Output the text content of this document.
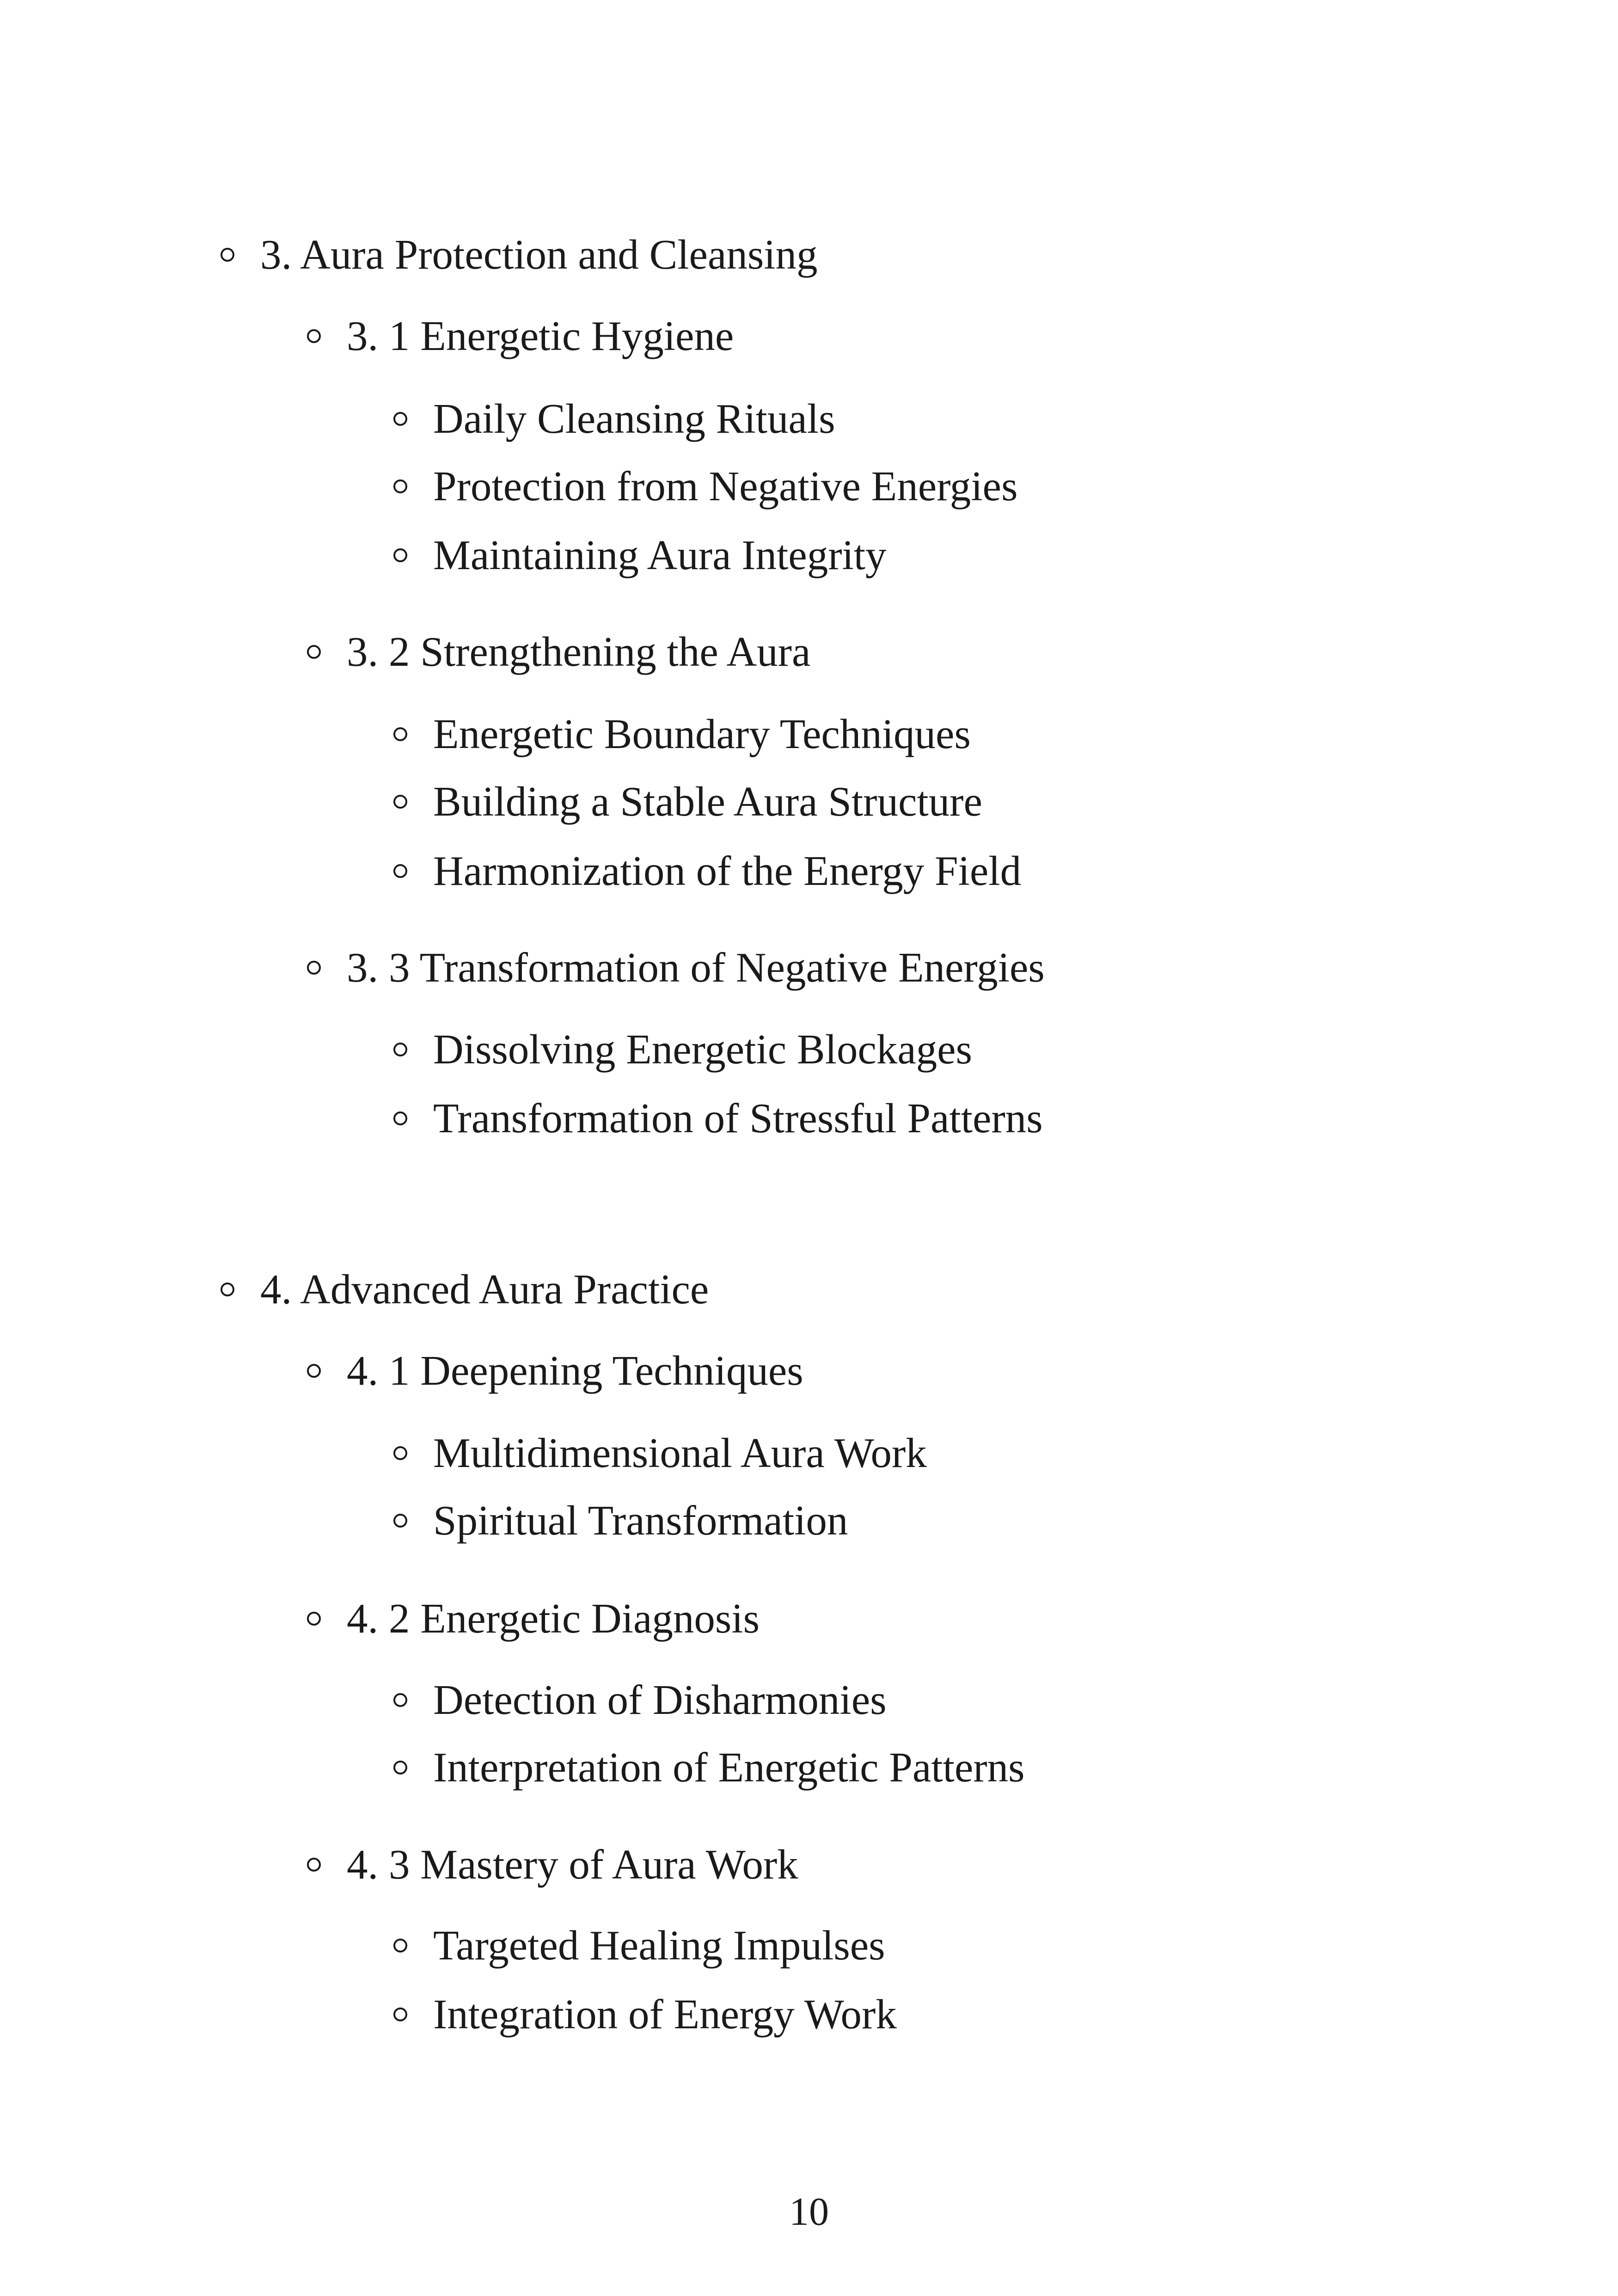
3. Aura Protection and Cleansing
3. 1 Energetic Hygiene
Daily Cleansing Rituals
Protection from Negative Energies
Maintaining Aura Integrity
3. 2 Strengthening the Aura
Energetic Boundary Techniques
Building a Stable Aura Structure
Harmonization of the Energy Field
3. 3 Transformation of Negative Energies
Dissolving Energetic Blockages
Transformation of Stressful Patterns
4. Advanced Aura Practice
4. 1 Deepening Techniques
Multidimensional Aura Work
Spiritual Transformation
4. 2 Energetic Diagnosis
Detection of Disharmonies
Interpretation of Energetic Patterns
4. 3 Mastery of Aura Work
Targeted Healing Impulses
Integration of Energy Work
10
